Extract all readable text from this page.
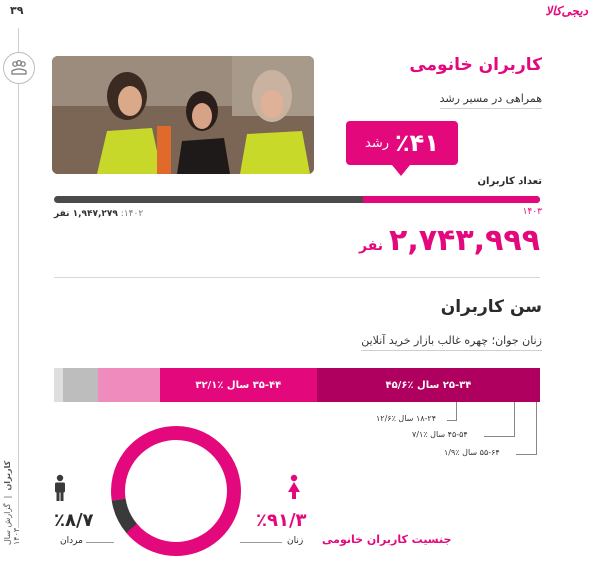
۳۹	دیجی‌کالا
کاربران  |  گزارش سال ۱۴۰۳
کاربران خانومی
همراهی در مسیر رشد
٪۴۱
رشد
تعداد کاربران
۱۴۰۳
۱۴۰۲: ۱,۹۴۷,۲۷۹ نفر
۲,۷۴۳,۹۹۹
نفر
سن کاربران
زنان جوان؛ چهره غالب بازار خرید آنلاین
۲۵-۳۴ سال ٪۴۵/۶
۳۵-۴۴ سال ٪۳۲/۱
۱۸-۲۴ سال ٪۱۲/۶
۴۵-۵۴ سال ٪۷/۱
۵۵-۶۴ سال ٪۱/۹
٪۹۱/۳
زنان
٪۸/۷
مردان	جنسیت کاربران خانومی
